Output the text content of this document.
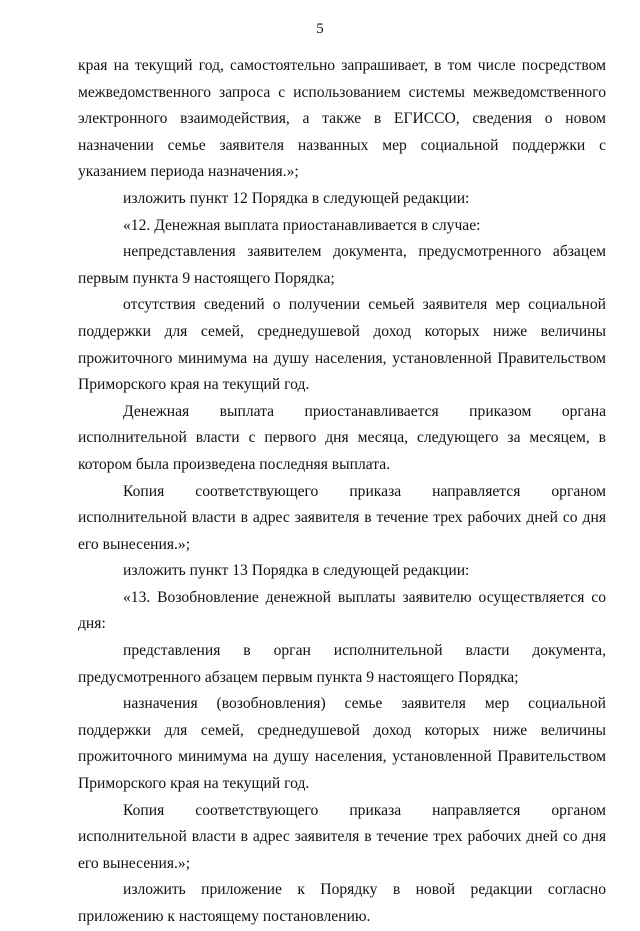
5

края на текущий год, самостоятельно запрашивает, в том числе посредством межведомственного запроса с использованием системы межведомственного электронного взаимодействия, а также в ЕГИССО, сведения о новом назначении семье заявителя названных мер социальной поддержки с указанием периода назначения.»;

изложить пункт 12 Порядка в следующей редакции:

«12. Денежная выплата приостанавливается в случае:

непредставления заявителем документа, предусмотренного абзацем первым пункта 9 настоящего Порядка;

отсутствия сведений о получении семьей заявителя мер социальной поддержки для семей, среднедушевой доход которых ниже величины прожиточного минимума на душу населения, установленной Правительством Приморского края на текущий год.

Денежная выплата приостанавливается приказом органа исполнительной власти с первого дня месяца, следующего за месяцем, в котором была произведена последняя выплата.

Копия соответствующего приказа направляется органом исполнительной власти в адрес заявителя в течение трех рабочих дней со дня его вынесения.»;

изложить пункт 13 Порядка в следующей редакции:

«13. Возобновление денежной выплаты заявителю осуществляется со дня:

представления в орган исполнительной власти документа, предусмотренного абзацем первым пункта 9 настоящего Порядка;

назначения (возобновления) семье заявителя мер социальной поддержки для семей, среднедушевой доход которых ниже величины прожиточного минимума на душу населения, установленной Правительством Приморского края на текущий год.

Копия соответствующего приказа направляется органом исполнительной власти в адрес заявителя в течение трех рабочих дней со дня его вынесения.»;

изложить приложение к Порядку в новой редакции согласно приложению к настоящему постановлению.
